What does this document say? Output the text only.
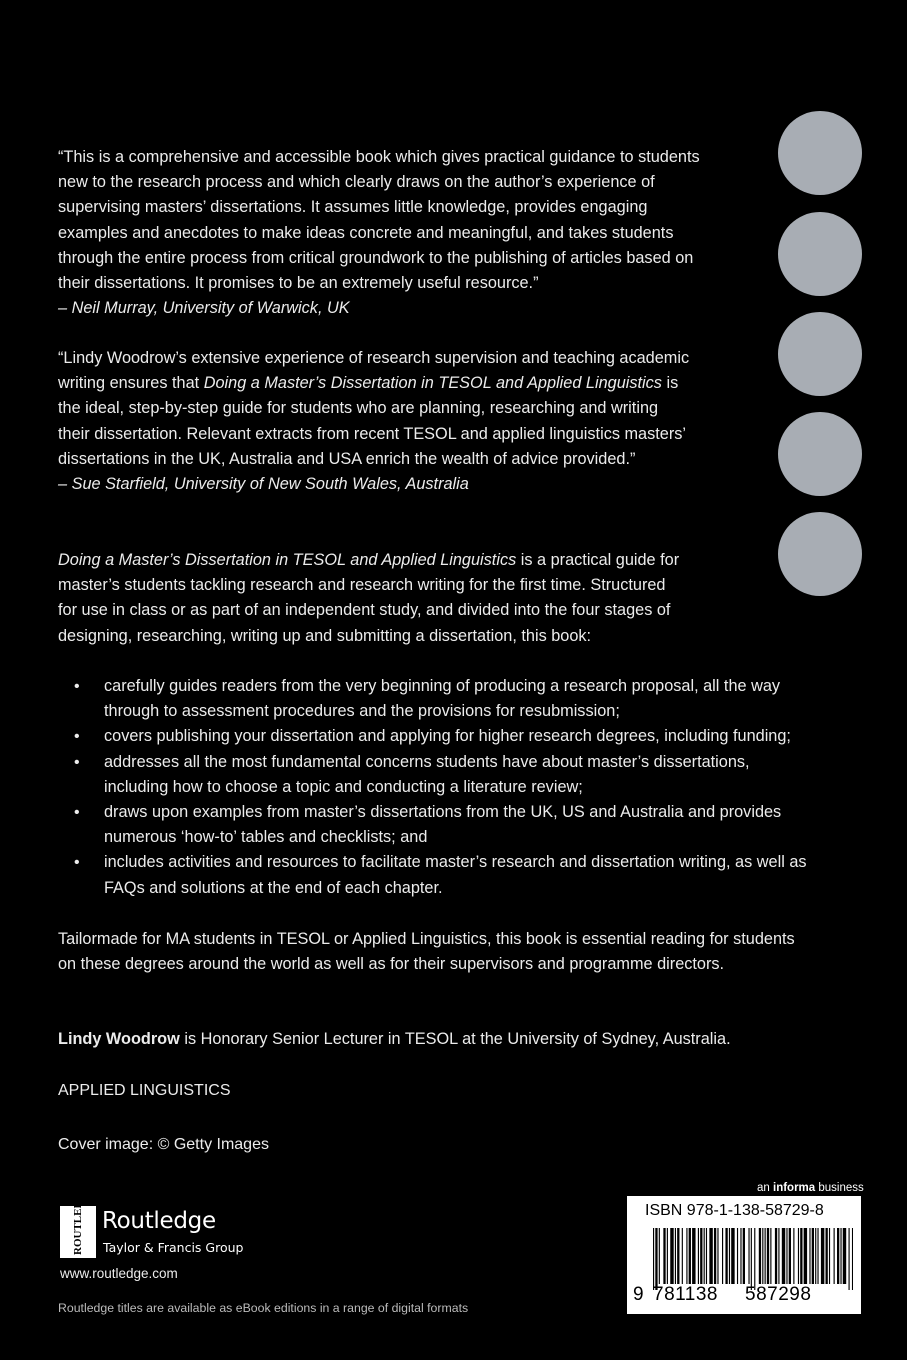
“This is a comprehensive and accessible book which gives practical guidance to students
new to the research process and which clearly draws on the author’s experience of
supervising masters’ dissertations. It assumes little knowledge, provides engaging
examples and anecdotes to make ideas concrete and meaningful, and takes students
through the entire process from critical groundwork to the publishing of articles based on
their dissertations. It promises to be an extremely useful resource.”
– Neil Murray, University of Warwick, UK
“Lindy Woodrow’s extensive experience of research supervision and teaching academic
writing ensures that Doing a Master’s Dissertation in TESOL and Applied Linguistics is
the ideal, step-by-step guide for students who are planning, researching and writing
their dissertation. Relevant extracts from recent TESOL and applied linguistics masters’
dissertations in the UK, Australia and USA enrich the wealth of advice provided.”
– Sue Starfield, University of New South Wales, Australia
Doing a Master’s Dissertation in TESOL and Applied Linguistics is a practical guide for
master’s students tackling research and research writing for the first time. Structured
for use in class or as part of an independent study, and divided into the four stages of
designing, researching, writing up and submitting a dissertation, this book:
• carefully guides readers from the very beginning of producing a research proposal, all the way
through to assessment procedures and the provisions for resubmission;
• covers publishing your dissertation and applying for higher research degrees, including funding;
• addresses all the most fundamental concerns students have about master’s dissertations,
including how to choose a topic and conducting a literature review;
• draws upon examples from master’s dissertations from the UK, US and Australia and provides
numerous ‘how-to’ tables and checklists; and
• includes activities and resources to facilitate master’s research and dissertation writing, as well as
FAQs and solutions at the end of each chapter.
Tailormade for MA students in TESOL or Applied Linguistics, this book is essential reading for students
on these degrees around the world as well as for their supervisors and programme directors.
Lindy Woodrow is Honorary Senior Lecturer in TESOL at the University of Sydney, Australia.
APPLIED LINGUISTICS
Cover image: © Getty Images
ROUTLEDGE Routledge
Taylor & Francis Group
www.routledge.com
Routledge titles are available as eBook editions in a range of digital formats
an informa business
ISBN 978-1-138-58729-8
9 781138 587298
